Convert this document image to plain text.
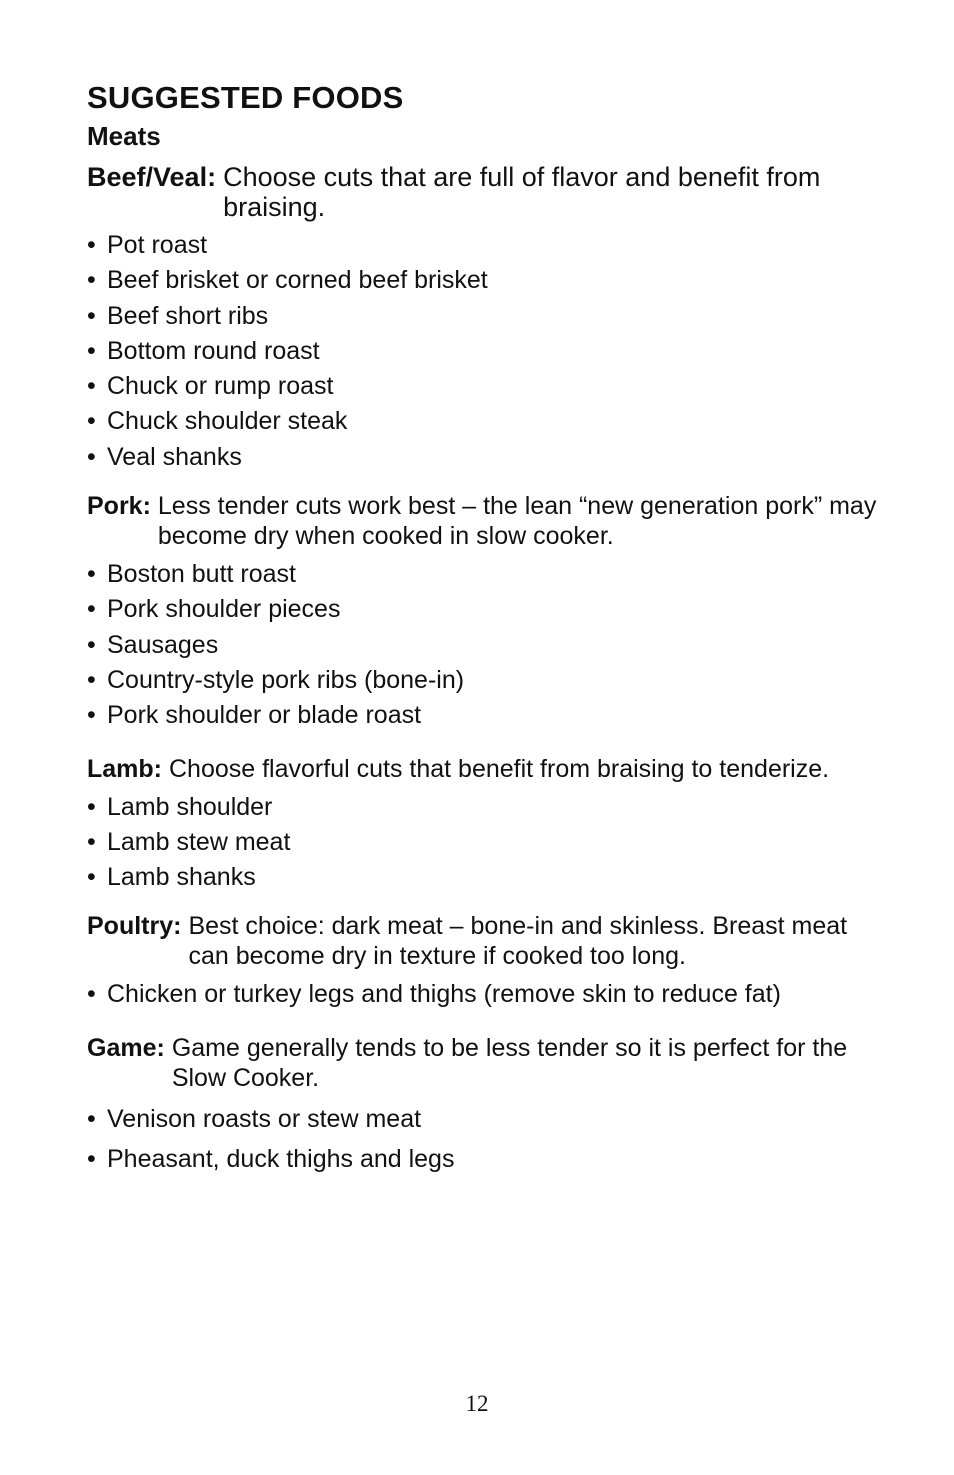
SUGGESTED FOODS
Meats
Beef/Veal: Choose cuts that are full of flavor and benefit from braising.
• Pot roast
• Beef brisket or corned beef brisket
• Beef short ribs
• Bottom round roast
• Chuck or rump roast
• Chuck shoulder steak
• Veal shanks
Pork: Less tender cuts work best – the lean “new generation pork” may become dry when cooked in slow cooker.
• Boston butt roast
• Pork shoulder pieces
• Sausages
• Country-style pork ribs (bone-in)
• Pork shoulder or blade roast
Lamb: Choose flavorful cuts that benefit from braising to tenderize.
• Lamb shoulder
• Lamb stew meat
• Lamb shanks
Poultry: Best choice: dark meat – bone-in and skinless. Breast meat can become dry in texture if cooked too long.
• Chicken or turkey legs and thighs (remove skin to reduce fat)
Game: Game generally tends to be less tender so it is perfect for the Slow Cooker.
• Venison roasts or stew meat
• Pheasant, duck thighs and legs
12
